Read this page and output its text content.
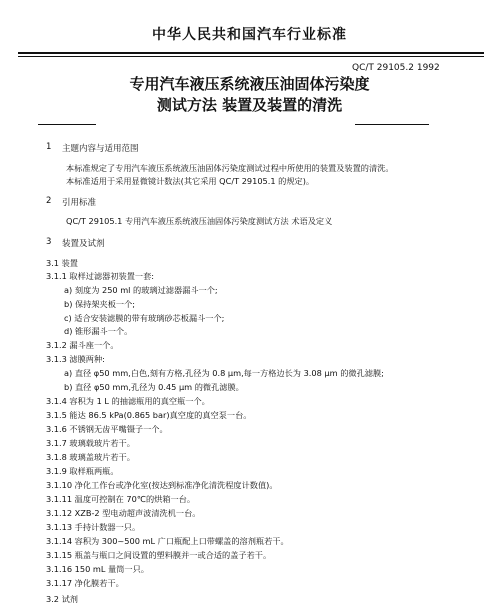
中华人民共和国汽车行业标准
QC/T 29105.2 1992
专用汽车液压系统液压油固体污染度
测试方法 装置及装置的清洗
1 主题内容与适用范围
本标准规定了专用汽车液压系统液压油固体污染度测试过程中所使用的装置及装置的清洗。
本标准适用于采用显微镜计数法(其它采用 QC/T 29105.1 的规定)。
2 引用标准
QC/T 29105.1 专用汽车液压系统液压油固体污染度测试方法 术语及定义
3 装置及试剂
3.1 装置
3.1.1 取样过滤器初装置一套:
a) 刻度为 250 ml 的玻璃过滤器漏斗一个;
b) 保持架夹板一个;
c) 适合安装滤膜的带有玻璃砂芯板漏斗一个;
d) 锥形漏斗一个。
3.1.2 漏斗座一个。
3.1.3 滤膜两种:
a) 直径 φ50 mm,白色,刻有方格,孔径为 0.8 μm,每一方格边长为 3.08 μm 的微孔滤膜;
b) 直径 φ50 mm,孔径为 0.45 μm 的微孔滤膜。
3.1.4 容积为 1 L 的抽滤瓶用的真空瓶一个。
3.1.5 能达 86.5 kPa(0.865 bar)真空度的真空泵一台。
3.1.6 不锈钢无齿平嘴镊子一个。
3.1.7 玻璃载玻片若干。
3.1.8 玻璃盖玻片若干。
3.1.9 取样瓶两瓶。
3.1.10 净化工作台或净化室(按达到标准净化清洗程度计数值)。
3.1.11 温度可控制在 70℃的烘箱一台。
3.1.12 XZB-2 型电动超声波清洗机一台。
3.1.13 手持计数器一只。
3.1.14 容积为 300~500 mL 广口瓶配上口带螺盖的溶剂瓶若干。
3.1.15 瓶盖与瓶口之间设置的塑料膜并一或合适的盖子若干。
3.1.16 150 mL 量筒一只。
3.1.17 净化膜若干。
3.2 试剂
